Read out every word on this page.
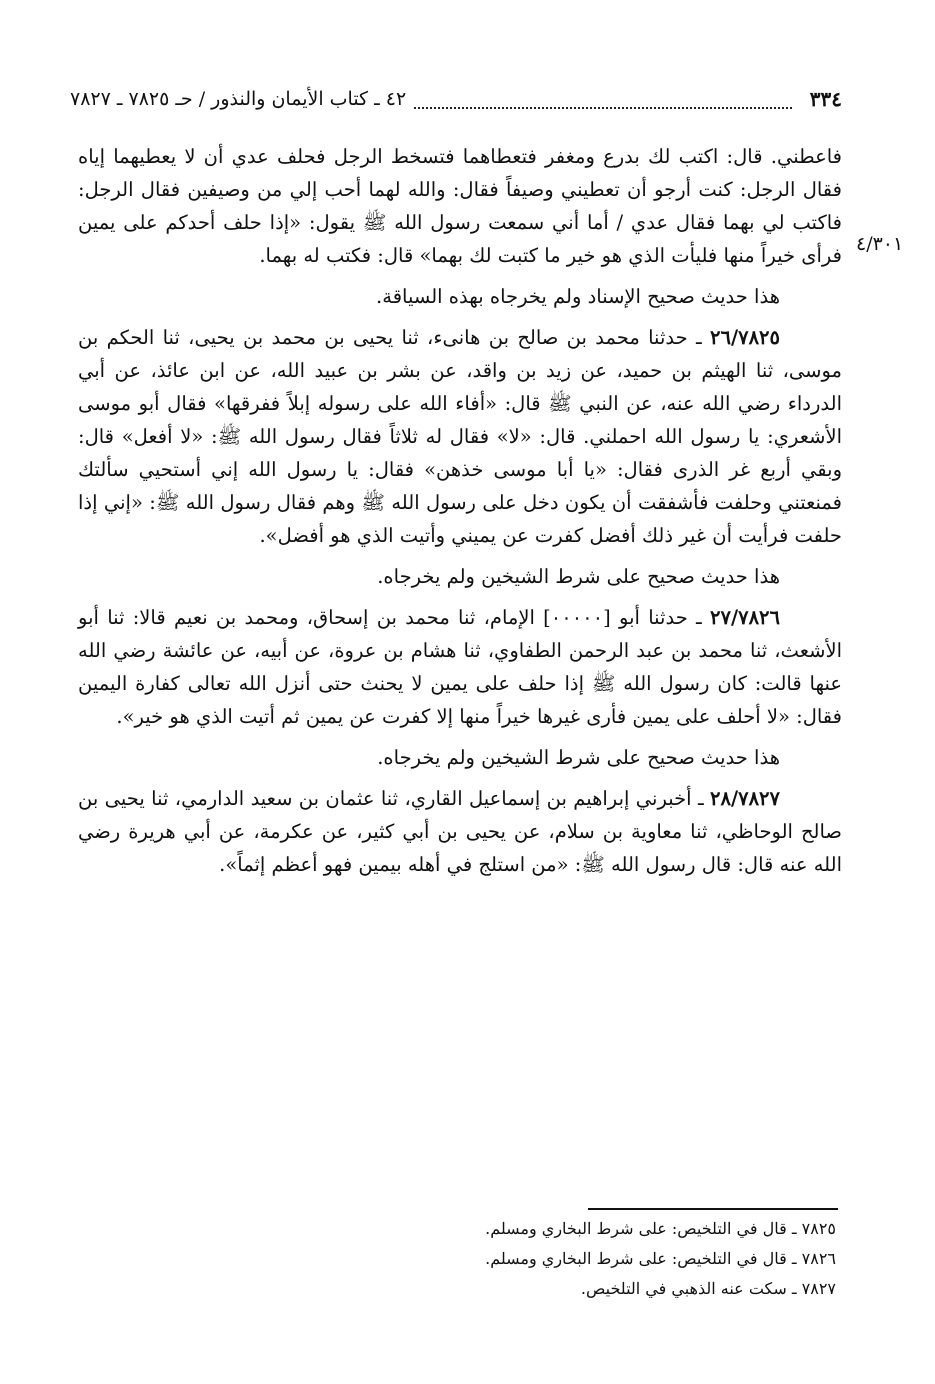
٣٣٤
٤٢ ـ كتاب الأيمان والنذور / حـ ٧٨٢٥ ـ ٧٨٢٧
٤/٣٠١

فاعطني. قال: اكتب لك بدرع ومغفر فتعطاهما فتسخط الرجل فحلف عدي أن لا يعطيهما إياه فقال الرجل: كنت أرجو أن تعطيني وصيفاً فقال: والله لهما أحب إلي من وصيفين فقال الرجل: فاكتب لي بهما فقال عدي / أما أني سمعت رسول الله ﷺ يقول: «إذا حلف أحدكم على يمين فرأى خيراً منها فليأت الذي هو خير ما كتبت لك بهما» قال: فكتب له بهما.

هذا حديث صحيح الإسناد ولم يخرجاه بهذه السياقة.

٢٦/٧٨٢٥ ـ حدثنا محمد بن صالح بن هانىء، ثنا يحيى بن محمد بن يحيى، ثنا الحكم بن موسى، ثنا الهيثم بن حميد، عن زيد بن واقد، عن بشر بن عبيد الله، عن ابن عائذ، عن أبي الدرداء رضي الله عنه، عن النبي ﷺ قال: «أفاء الله على رسوله إبلاً ففرقها» فقال أبو موسى الأشعري: يا رسول الله احملني. قال: «لا» فقال له ثلاثاً فقال رسول الله ﷺ: «لا أفعل» قال: وبقي أربع غر الذرى فقال: «يا أبا موسى خذهن» فقال: يا رسول الله إني أستحيي سألتك فمنعتني وحلفت فأشفقت أن يكون دخل على رسول الله ﷺ وهم فقال رسول الله ﷺ: «إني إذا حلفت فرأيت أن غير ذلك أفضل كفرت عن يميني وأتيت الذي هو أفضل».

هذا حديث صحيح على شرط الشيخين ولم يخرجاه.

٢٧/٧٨٢٦ ـ حدثنا أبو [٠٠٠٠٠] الإمام، ثنا محمد بن إسحاق، ومحمد بن نعيم قالا: ثنا أبو الأشعث، ثنا محمد بن عبد الرحمن الطفاوي، ثنا هشام بن عروة، عن أبيه، عن عائشة رضي الله عنها قالت: كان رسول الله ﷺ إذا حلف على يمين لا يحنث حتى أنزل الله تعالى كفارة اليمين فقال: «لا أحلف على يمين فأرى غيرها خيراً منها إلا كفرت عن يمين ثم أتيت الذي هو خير».

هذا حديث صحيح على شرط الشيخين ولم يخرجاه.

٢٨/٧٨٢٧ ـ أخبرني إبراهيم بن إسماعيل القاري، ثنا عثمان بن سعيد الدارمي، ثنا يحيى بن صالح الوحاظي، ثنا معاوية بن سلام، عن يحيى بن أبي كثير، عن عكرمة، عن أبي هريرة رضي الله عنه قال: قال رسول الله ﷺ: «من استلج في أهله بيمين فهو أعظم إثماً».

٧٨٢٥ ـ قال في التلخيص: على شرط البخاري ومسلم.
٧٨٢٦ ـ قال في التلخيص: على شرط البخاري ومسلم.
٧٨٢٧ ـ سكت عنه الذهبي في التلخيص.
